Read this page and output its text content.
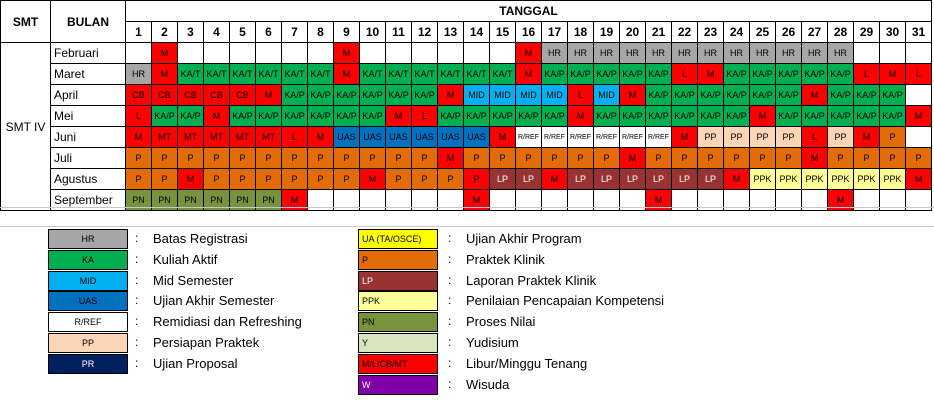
SMT	BULAN	TANGGAL																														
		1	2	3	4	5	6	7	8	9	10	11	12	13	14	15	16	17	18	19	20	21	22	23	24	25	26	27	28	29	30	31
SMT IV	Februari		M							M							M	HR	HR	HR	HR	HR	HR	HR	HR	HR	HR	HR	HR			
	Maret	HR	M	KA/T	KA/T	KA/T	KA/T	KA/T	KA/T	M	KA/T	KA/T	KA/T	KA/T	KA/T	KA/T	M	KA/P	KA/P	KA/P	KA/P	KA/P	L	M	KA/P	KA/P	KA/P	KA/P	KA/P	L	M	L
	April	CB	CB	CB	CB	CB	M	KA/P	KA/P	KA/P	KA/P	KA/P	KA/P	M	MID	MID	MID	MID	L	MID	M	KA/P	KA/P	KA/P	KA/P	KA/P	KA/P	M	KA/P	KA/P	KA/P	
	Mei	L	KA/P	KA/P	M	KA/P	KA/P	KA/P	KA/P	KA/P	KA/P	M	L	KA/P	KA/P	KA/P	KA/P	KA/P	M	KA/P	KA/P	KA/P	KA/P	KA/P	KA/P	M	KA/P	KA/P	KA/P	KA/P	KA/P	M
	Juni	M	MT	MT	MT	MT	MT	L	M	UAS	UAS	UAS	UAS	UAS	UAS	M	R/REF	R/REF	R/REF	R/REF	R/REF	R/REF	M	PP	PP	PP	PP	L	PP	M	P	
	Juli	P	P	P	P	P	P	P	P	P	P	P	P	M	P	P	P	P	P	P	M	P	P	P	P	P	P	M	P	P	P	P
	Agustus	P	P	M	P	P	P	P	P	P	M	P	P	P	P	LP	LP	M	LP	LP	LP	LP	LP	LP	M	PPK	PPK	PPK	PPK	PPK	PPK	M
	September	PN	PN	PN	PN	PN	PN	M							M							M							M			
HR	: Batas Registrasi
KA	: Kuliah Aktif
MID	: Mid Semester
UAS	: Ujian Akhir Semester
R/REF	: Remidiasi dan Refreshing
PP	: Persiapan Praktek
PR	: Ujian Proposal
UA (TA/OSCE)	: Ujian Akhir Program
P	: Praktek Klinik
LP	: Laporan Praktek Klinik
PPK	: Penilaian Pencapaian Kompetensi
PN	: Proses Nilai
Y	: Yudisium
M/L/CB/MT	: Libur/Minggu Tenang
W	: Wisuda
